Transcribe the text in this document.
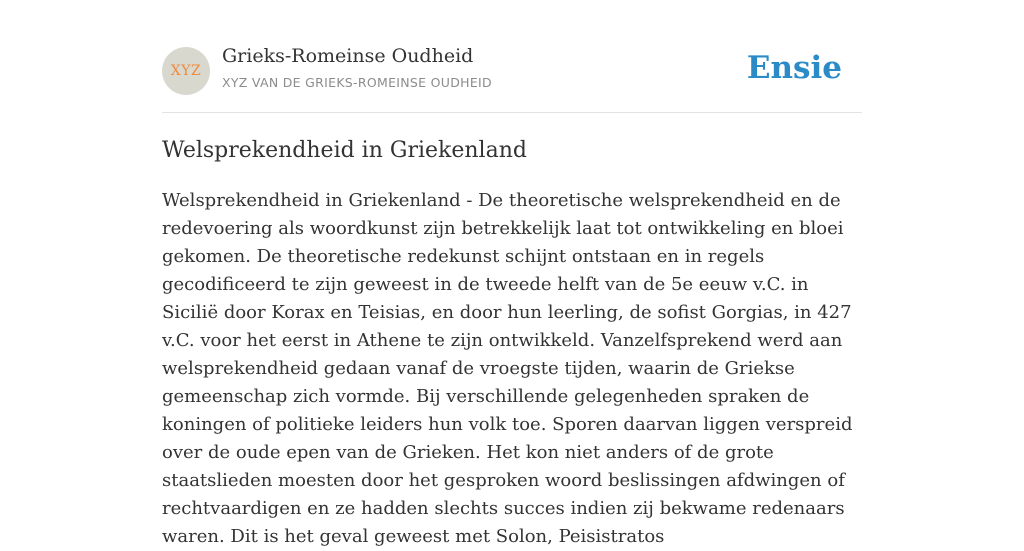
XYZ
Grieks-Romeinse Oudheid
XYZ VAN DE GRIEKS-ROMEINSE OUDHEID	Ensie
Welsprekendheid in Griekenland

Welsprekendheid in Griekenland - De theoretische welsprekendheid en de redevoering als woordkunst zijn betrekkelijk laat tot ontwikkeling en bloei gekomen. De theoretische redekunst schijnt ontstaan en in regels gecodificeerd te zijn geweest in de tweede helft van de 5e eeuw v.C. in Sicilië door Korax en Teisias, en door hun leerling, de sofist Gorgias, in 427 v.C. voor het eerst in Athene te zijn ontwikkeld. Vanzelfsprekend werd aan welsprekendheid gedaan vanaf de vroegste tijden, waarin de Griekse gemeenschap zich vormde. Bij verschillende gelegenheden spraken de koningen of politieke leiders hun volk toe. Sporen daarvan liggen verspreid over de oude epen van de Grieken. Het kon niet anders of de grote staatslieden moesten door het gesproken woord beslissingen afdwingen of rechtvaardigen en ze hadden slechts succes indien zij bekwame redenaars waren. Dit is het geval geweest met Solon, Peisistratos
